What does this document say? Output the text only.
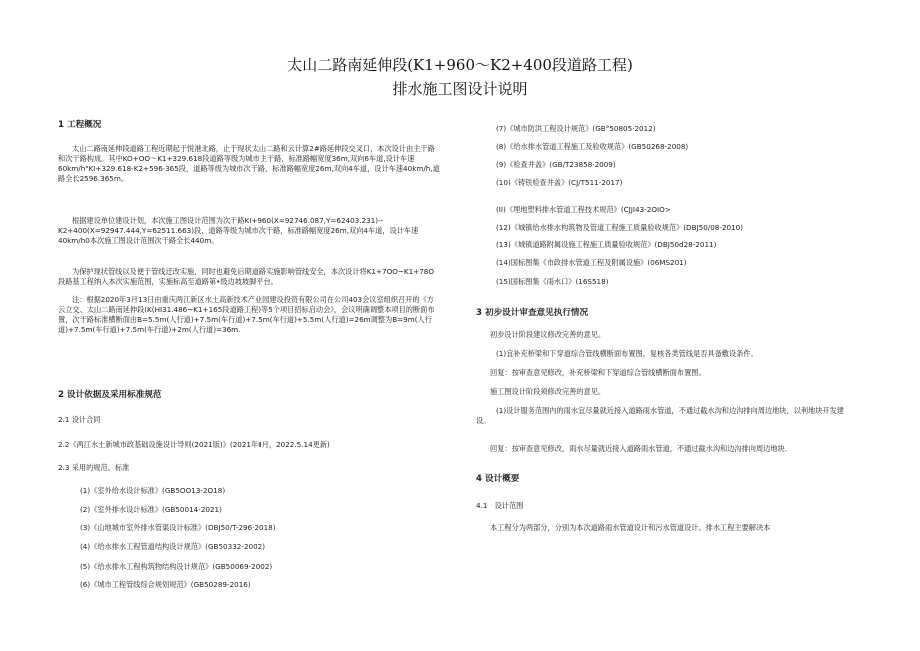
太山二路南延伸段(K1+960～K2+400段道路工程)
排水施工图设计说明
1 工程概况

太山二路南延伸段道路工程近期起于悦港北路，止于现状太山二路和云计算2#路延伸段交叉口，本次设计由主干路和次干路构成。其中KO+OO～K1+329.618段道路等级为城市主干路，标准路幅宽度36m,双向6车道,设计车速60km/h"KI+329.618-K2+596·365段，道路等级为城市次干路，标准路幅宽度26m,双向4车道，设计车速40km/h,道路全长2596.365m。

根据建设单位建设计划，本次施工图设计范围为次干路KI+960(X=92746.087,Y=62403.231)--K2+400(X=92947.444,Y=62511.663)段，道路等级为城市次干路，标准路幅宽度26m,双向4车道，设计车速40km/h0本次施工图设计范围次干路全长440m。

为保护现状管线以及便于管线迁改实施，同时也避免后期道路实施影响管线安全，本次设计将K1+7OO~K1+78O段路基工程纳入本次实施范围，实施标高至道路第•级边坡坡脚平台。

注：根据2020年3月13日由重庆两江新区水土高新技术产业园建设投资有限公司在公司403会议室组织召开的《方云立交、太山二路南延伸段(K(HI31.486~K1+165段道路工程)等5个项目招标启动会》，会议明确调整本项目的断面布置，次干路标准横断面由B=5.5m(人行道)+7.5m(车行道)+7.5m(车行道)+5.5m(人行道)=26m调整为B=9m(人行道)+7.5m(车行道)+7.5m(车行道)+2m(人行道)=36m.

2 设计依据及采用标准规范

2.1 设计合同

2.2《两江水土新城市政基础设施设计导则(2021版)》(2021年Ⅱ月，2022.5.14更新)

2.3 采用的规范、标准

(1)《室外给水设计标准》(GB5OO13-2O18)

(2)《室外排水设计标准》(GB50014-2021)

(3)《山地城市室外排水管渠设计标准》(DBJ50/T-296·2018)

(4)《给水排水工程管道结构设计规范》(GB50332-2002)

(5)《给水排水工程构筑物结构设计规范》(GB50069-2002)

(6)《城市工程管线综合规划规范》(GB50289-2016)

(7)《城市防洪工程设计规范》(GB°50805·2012)

(8)《给水排水管道工程施工及验收规范》(GB50268-2008)

(9)《检查井盖》(GB/T23858·2009)

(10)《铸铁检查井盖》(CJ/T511-2017)

(II)《埋地塑料排水管道工程技术规范》(CJJI43-2OIO>

(12)《城镇给水排水构筑物及管道工程施工质量验收规范》(DBJ50/08-2010)

(13)《城镇道路附属设施工程施工质量验收规范》(DBJ50d28-2011)

(14)国标图集《市政排水管道工程及附属设施》(06MS201)

(15)国标图集《雨水口》(16S518)

3 初步设计审查意见执行情况

初步设计阶段建议修改完善的意见。

(1)宜补充桥梁和下穿道综合管线横断面布置图，复核各类管线是否具备敷设条件。

回复：按审查意见修改，补充桥梁和下穿道综合管线横断面布置图。

施工图设计阶段须修改完善的意见。

(1)设计服务范围内的雨水宜尽量就近接入道路雨水管道，不通过截水沟和边沟排向周边地块，以利地块开发建设。

回复：按审查意见修改，雨水尽量就近接入道路雨水管道，不通过截水沟和边沟排向周边地块.

4 设计概要

4.1　设计范围

本工程分为两部分，分别为本次道路雨水管道设计和污水管道设计。排水工程主要解决本
